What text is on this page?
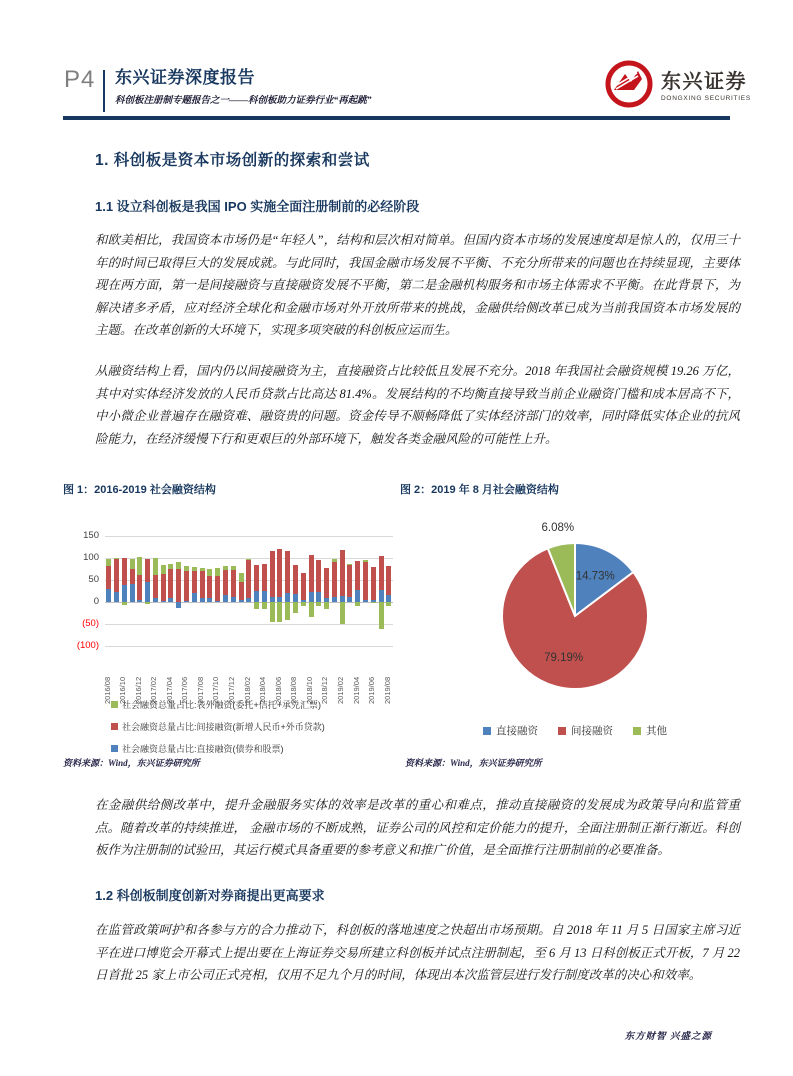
P4 东兴证券深度报告
科创板注册制专题报告之一——科创板助力证券行业“再起跳”
东兴证券
DONGXING SECURITIES
1. 科创板是资本市场创新的探索和尝试
1.1 设立科创板是我国 IPO 实施全面注册制前的必经阶段
和欧美相比，我国资本市场仍是“年轻人”，结构和层次相对简单。但国内资本市场的发展速度却是惊人的，仅用三十年的时间已取得巨大的发展成就。与此同时，我国金融市场发展不平衡、不充分所带来的问题也在持续显现，主要体现在两方面，第一是间接融资与直接融资发展不平衡，第二是金融机构服务和市场主体需求不平衡。在此背景下，为解决诸多矛盾，应对经济全球化和金融市场对外开放所带来的挑战，金融供给侧改革已成为当前我国资本市场发展的主题。在改革创新的大环境下，实现多项突破的科创板应运而生。
从融资结构上看，国内仍以间接融资为主，直接融资占比较低且发展不充分。2018 年我国社会融资规模 19.26 万亿，其中对实体经济发放的人民币贷款占比高达 81.4%。发展结构的不均衡直接导致当前企业融资门槛和成本居高不下，中小微企业普遍存在融资难、融资贵的问题。资金传导不顺畅降低了实体经济部门的效率，同时降低实体企业的抗风险能力，在经济缓慢下行和更艰巨的外部环境下，触发各类金融风险的可能性上升。
图 1：2016-2019 社会融资结构	图 2：2019 年 8 月社会融资结构
150
100
50
0
(50)
(100)
2016/08 2016/10 2016/12 2017/02 2017/04 2017/06 2017/08 2017/10 2017/12 2018/02 2018/04 2018/06 2018/08 2018/10 2018/12 2019/02 2019/04 2019/06 2019/08
社会融资总量占比:表外融资(委托+信托+承兑汇票)
社会融资总量占比:间接融资(新增人民币+外币贷款)
社会融资总量占比:直接融资(债券和股票)
14.73%
79.19%
6.08%
直接融资	间接融资	其他
资料来源：Wind，东兴证券研究所	资料来源：Wind，东兴证券研究所
在金融供给侧改革中，提升金融服务实体的效率是改革的重心和难点，推动直接融资的发展成为政策导向和监管重点。随着改革的持续推进， 金融市场的不断成熟，证券公司的风控和定价能力的提升，全面注册制正渐行渐近。科创板作为注册制的试验田，其运行模式具备重要的参考意义和推广价值，是全面推行注册制前的必要准备。
1.2 科创板制度创新对券商提出更高要求
在监管政策呵护和各参与方的合力推动下，科创板的落地速度之快超出市场预期。自 2018 年 11 月 5 日国家主席习近平在进口博览会开幕式上提出要在上海证券交易所建立科创板并试点注册制起，至 6 月 13 日科创板正式开板，7 月 22 日首批 25 家上市公司正式亮相，仅用不足九个月的时间，体现出本次监管层进行发行制度改革的决心和效率。
东方财智 兴盛之源
